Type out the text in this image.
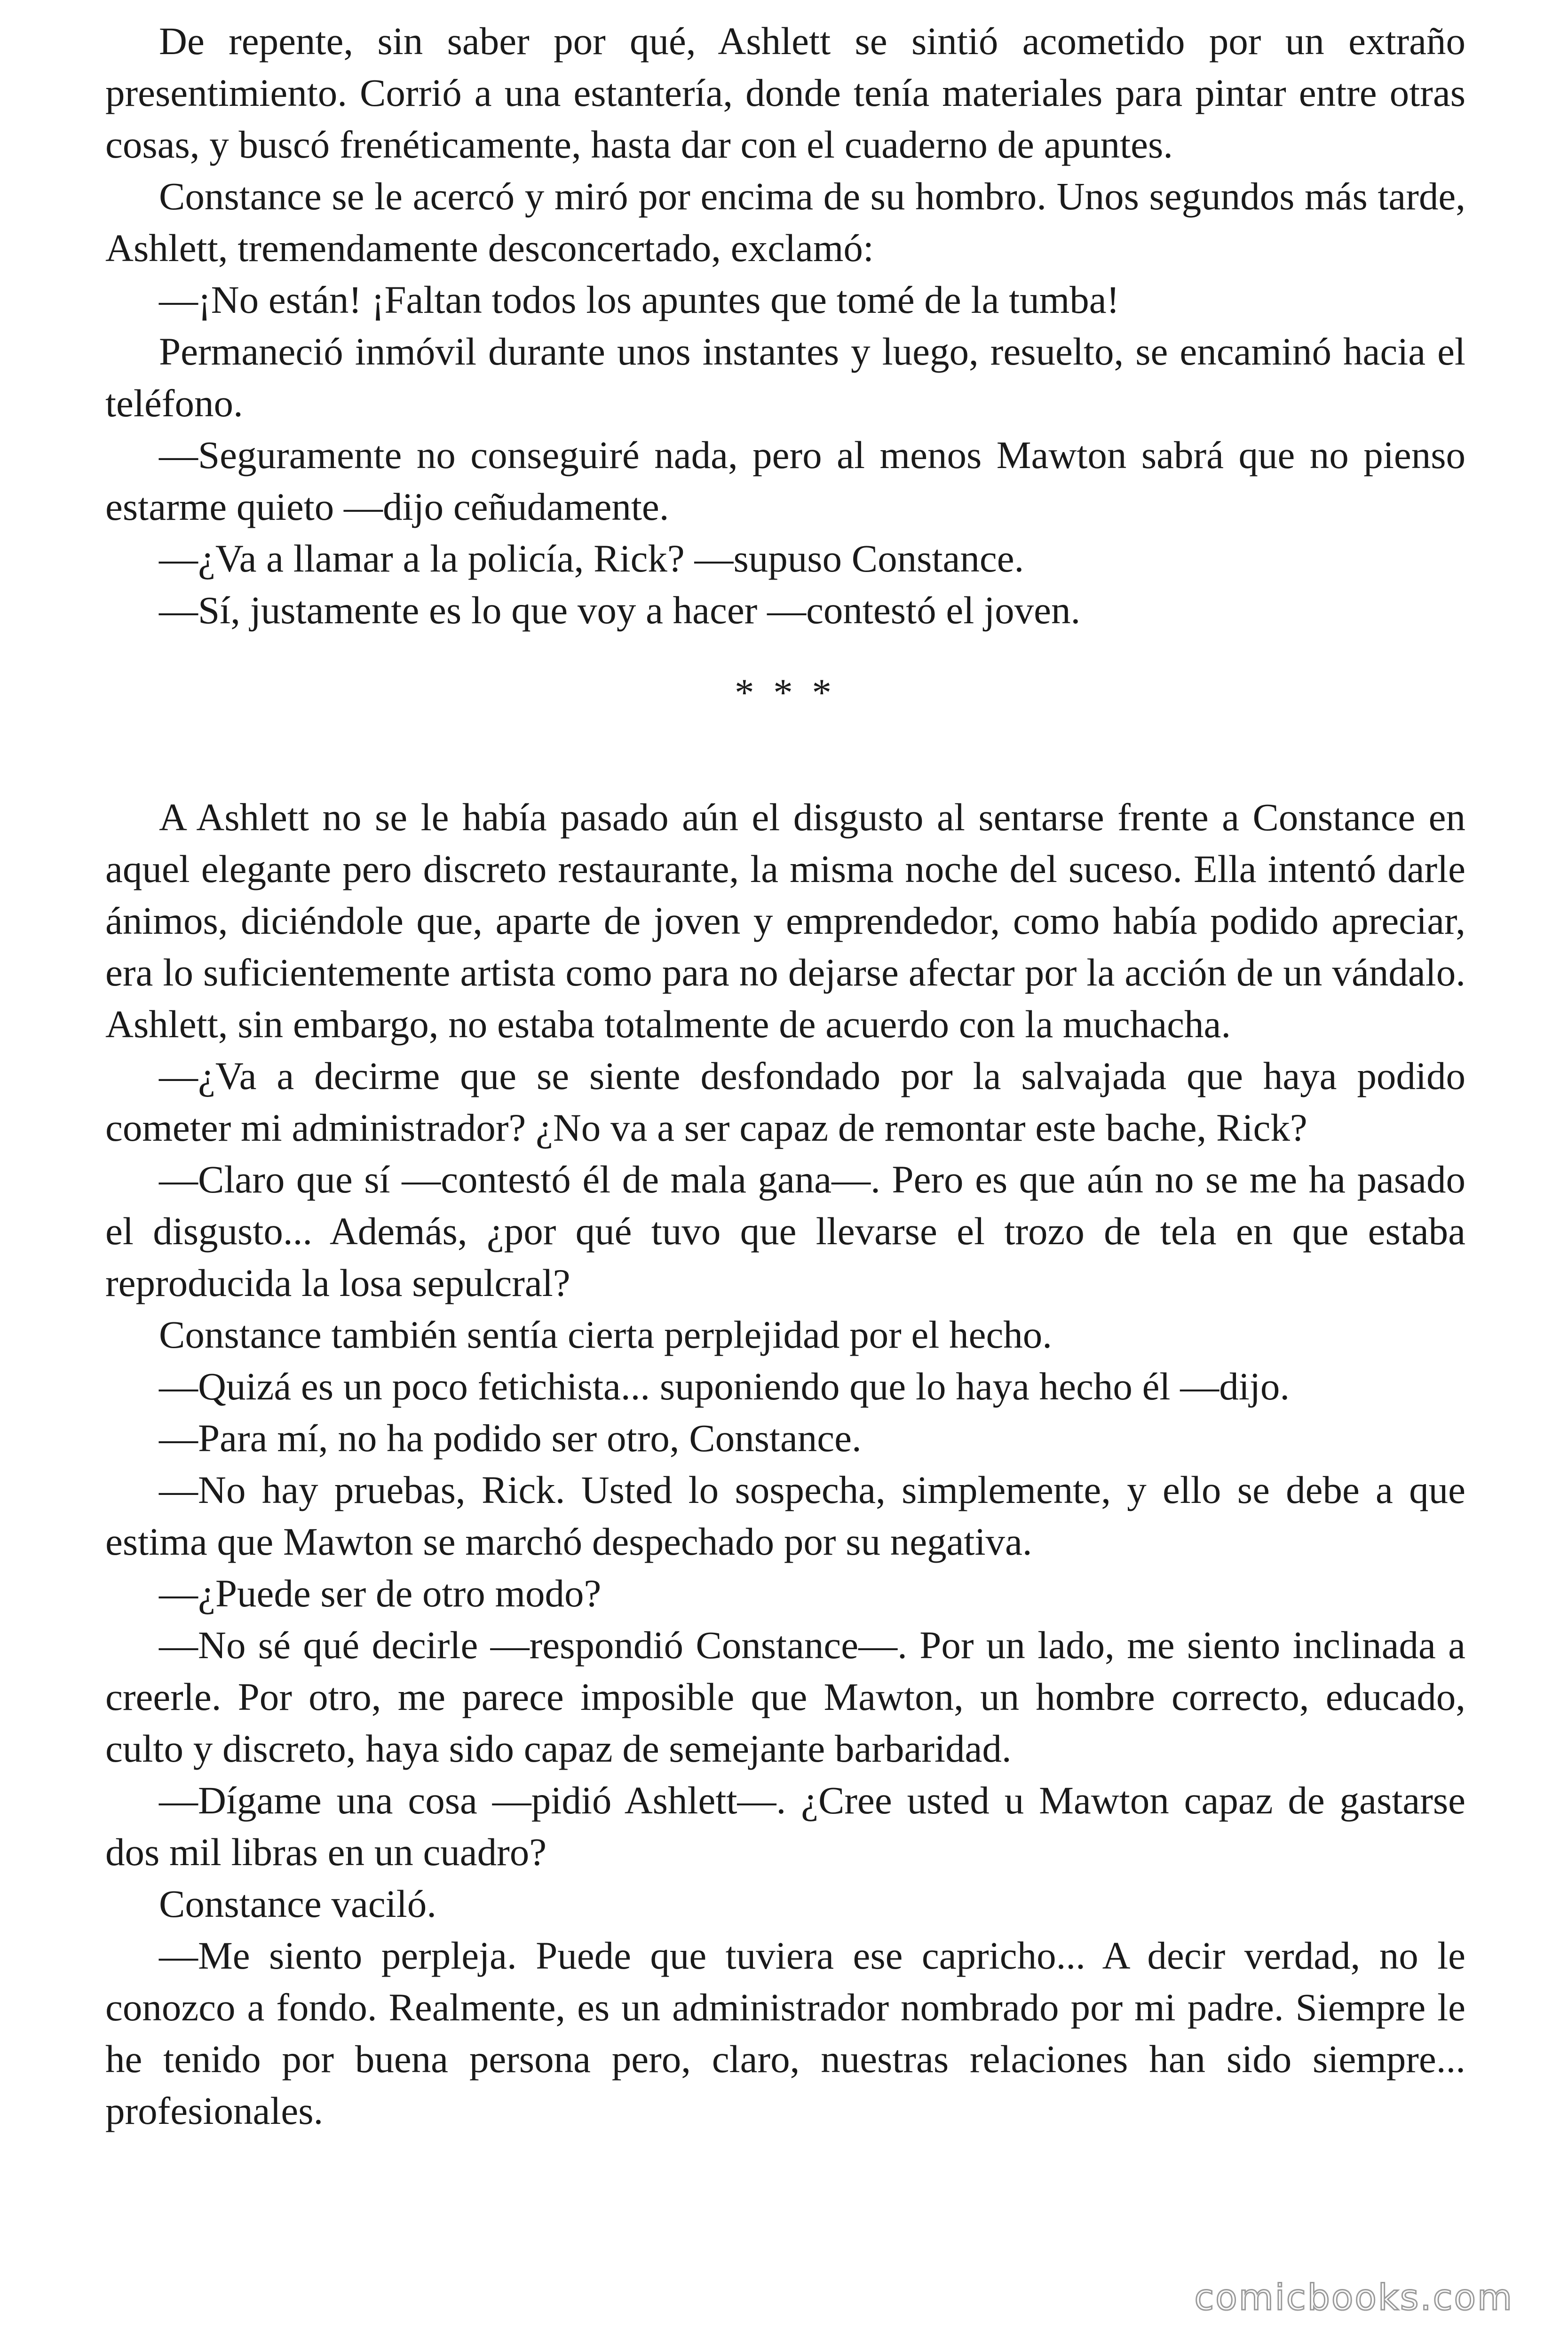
De repente, sin saber por qué, Ashlett se sintió acometido por un extraño presentimiento. Corrió a una estantería, donde tenía materiales para pintar entre otras cosas, y buscó frenéticamente, hasta dar con el cuaderno de apuntes.

Constance se le acercó y miró por encima de su hombro. Unos segundos más tarde, Ashlett, tremendamente desconcertado, exclamó:

—¡No están! ¡Faltan todos los apuntes que tomé de la tumba!

Permaneció inmóvil durante unos instantes y luego, resuelto, se encaminó hacia el teléfono.

—Seguramente no conseguiré nada, pero al menos Mawton sabrá que no pienso estarme quieto —dijo ceñudamente.

—¿Va a llamar a la policía, Rick? —supuso Constance.

—Sí, justamente es lo que voy a hacer —contestó el joven.

* * *

A Ashlett no se le había pasado aún el disgusto al sentarse frente a Constance en aquel elegante pero discreto restaurante, la misma noche del suceso. Ella intentó darle ánimos, diciéndole que, aparte de joven y emprendedor, como había podido apreciar, era lo suficientemente artista como para no dejarse afectar por la acción de un vándalo. Ashlett, sin embargo, no estaba totalmente de acuerdo con la muchacha.

—¿Va a decirme que se siente desfondado por la salvajada que haya podido cometer mi administrador? ¿No va a ser capaz de remontar este bache, Rick?

—Claro que sí —contestó él de mala gana—. Pero es que aún no se me ha pasado el disgusto... Además, ¿por qué tuvo que llevarse el trozo de tela en que estaba reproducida la losa sepulcral?

Constance también sentía cierta perplejidad por el hecho.

—Quizá es un poco fetichista... suponiendo que lo haya hecho él —dijo.

—Para mí, no ha podido ser otro, Constance.

—No hay pruebas, Rick. Usted lo sospecha, simplemente, y ello se debe a que estima que Mawton se marchó despechado por su negativa.

—¿Puede ser de otro modo?

—No sé qué decirle —respondió Constance—. Por un lado, me siento inclinada a creerle. Por otro, me parece imposible que Mawton, un hombre correcto, educado, culto y discreto, haya sido capaz de semejante barbaridad.

—Dígame una cosa —pidió Ashlett—. ¿Cree usted u Mawton capaz de gastarse dos mil libras en un cuadro?

Constance vaciló.

—Me siento perpleja. Puede que tuviera ese capricho... A decir verdad, no le conozco a fondo. Realmente, es un administrador nombrado por mi padre. Siempre le he tenido por buena persona pero, claro, nuestras relaciones han sido siempre... profesionales.

comicbooks.com
